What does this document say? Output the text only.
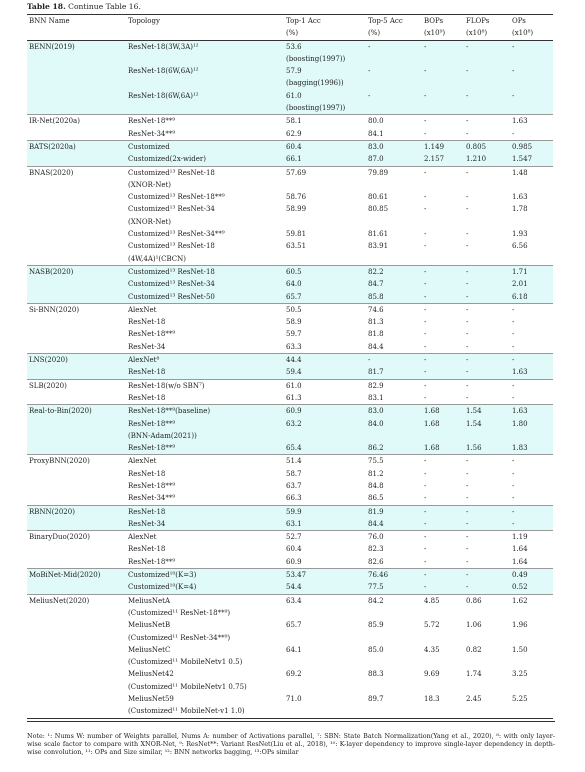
Table 18. Continue Table 16.
BNN Name	Topology	Top-1 Acc	Top-5 Acc	BOPs	FLOPs	OPs
		(%)	(%)	(x10⁹)	(x10⁸)	(x10⁸)
BENN(2019)	ResNet-18(3W,3A)¹²	53.6	-	-	-	-
		(boosting(1997))				
	ResNet-18(6W,6A)¹²	57.9	-	-	-	-
		(bagging(1996))				
	ResNet-18(6W,6A)¹²	61.0	-	-	-	-
		(boosting(1997))				
IR-Net(2020a)	ResNet-18**⁹	58.1	80.0	-	-	1.63
	ResNet-34**⁹	62.9	84.1	-	-	-
BATS(2020a)	Customized	60.4	83.0	1.149	0.805	0.985
	Customized(2x-wider)	66.1	87.0	2.157	1.210	1.547
BNAS(2020)	Customized¹³ ResNet-18	57.69	79.89	-	-	1.48
	(XNOR-Net)					
	Customized¹³ ResNet-18**⁹	58.76	80.61	-	-	1.63
	Customized¹³ ResNet-34	58.99	80.85	-	-	1.78
	(XNOR-Net)					
	Customized¹³ ResNet-34**⁹	59.81	81.61	-	-	1.93
	Customized¹³ ResNet-18	63.51	83.91	-	-	6.56
	(4W,4A)¹(CBCN)					
NASB(2020)	Customized¹³ ResNet-18	60.5	82.2	-	-	1.71
	Customized¹³ ResNet-34	64.0	84.7	-	-	2.01
	Customized¹³ ResNet-50	65.7	85.8	-	-	6.18
Si-BNN(2020)	AlexNet	50.5	74.6	-	-	-
	ResNet-18	58.9	81.3	-	-	-
	ResNet-18**⁹	59.7	81.8	-	-	-
	ResNet-34	63.3	84.4	-	-	-
LNS(2020)	AlexNet⁸	44.4	-	-	-	-
	ResNet-18	59.4	81.7	-	-	1.63
SLB(2020)	ResNet-18(w/o SBN⁷)	61.0	82.9	-	-	-
	ResNet-18	61.3	83.1	-	-	-
Real-to-Bin(2020)	ResNet-18**⁹(baseline)	60.9	83.0	1.68	1.54	1.63
	ResNet-18**⁹	63.2	84.0	1.68	1.54	1.80
	(BNN-Adam(2021))					
	ResNet-18**⁹	65.4	86.2	1.68	1.56	1.83
ProxyBNN(2020)	AlexNet	51.4	75.5	-	-	-
	ResNet-18	58.7	81.2	-	-	-
	ResNet-18**⁹	63.7	84.8	-	-	-
	ResNet-34**⁹	66.3	86.5	-	-	-
RBNN(2020)	ResNet-18	59.9	81.9	-	-	-
	ResNet-34	63.1	84.4	-	-	-
BinaryDuo(2020)	AlexNet	52.7	76.0	-	-	1.19
	ResNet-18	60.4	82.3	-	-	1.64
	ResNet-18**⁹	60.9	82.6	-	-	1.64
MoBiNet-Mid(2020)	Customized¹⁰(K=3)	53.47	76.46	-	-	0.49
	Customized¹⁰(K=4)	54.4	77.5	-	-	0.52
MeliusNet(2020)	MeliusNetA	63.4	84.2	4.85	0.86	1.62
	(Customized¹¹ ResNet-18**⁹)					
	MeliusNetB	65.7	85.9	5.72	1.06	1.96
	(Customized¹¹ ResNet-34**⁹)					
	MeliusNetC	64.1	85.0	4.35	0.82	1.50
	(Customized¹¹ MobileNetv1 0.5)					
	MeliusNet42	69.2	88.3	9.69	1.74	3.25
	(Customized¹¹ MobileNetv1 0.75)					
	MeliusNet59	71.0	89.7	18.3	2.45	5.25
	(Customized¹¹ MobileNet-v1 1.0)					
Note: ¹: Nums W: number of Weights parallel, Nums A: number of Activations parallel, ⁷: SBN: State Batch Normalization(Yang et al., 2020), ⁸: with only layer-wise scale factor to compare with XNOR-Net, ⁹: ResNet**: Variant ResNet(Liu et al., 2018), ¹⁰: K-layer dependency to improve single-layer dependency in depth-wise convolution, ¹¹: OPs and Size similar, ¹²: BNN networks bagging, ¹³:OPs similar
